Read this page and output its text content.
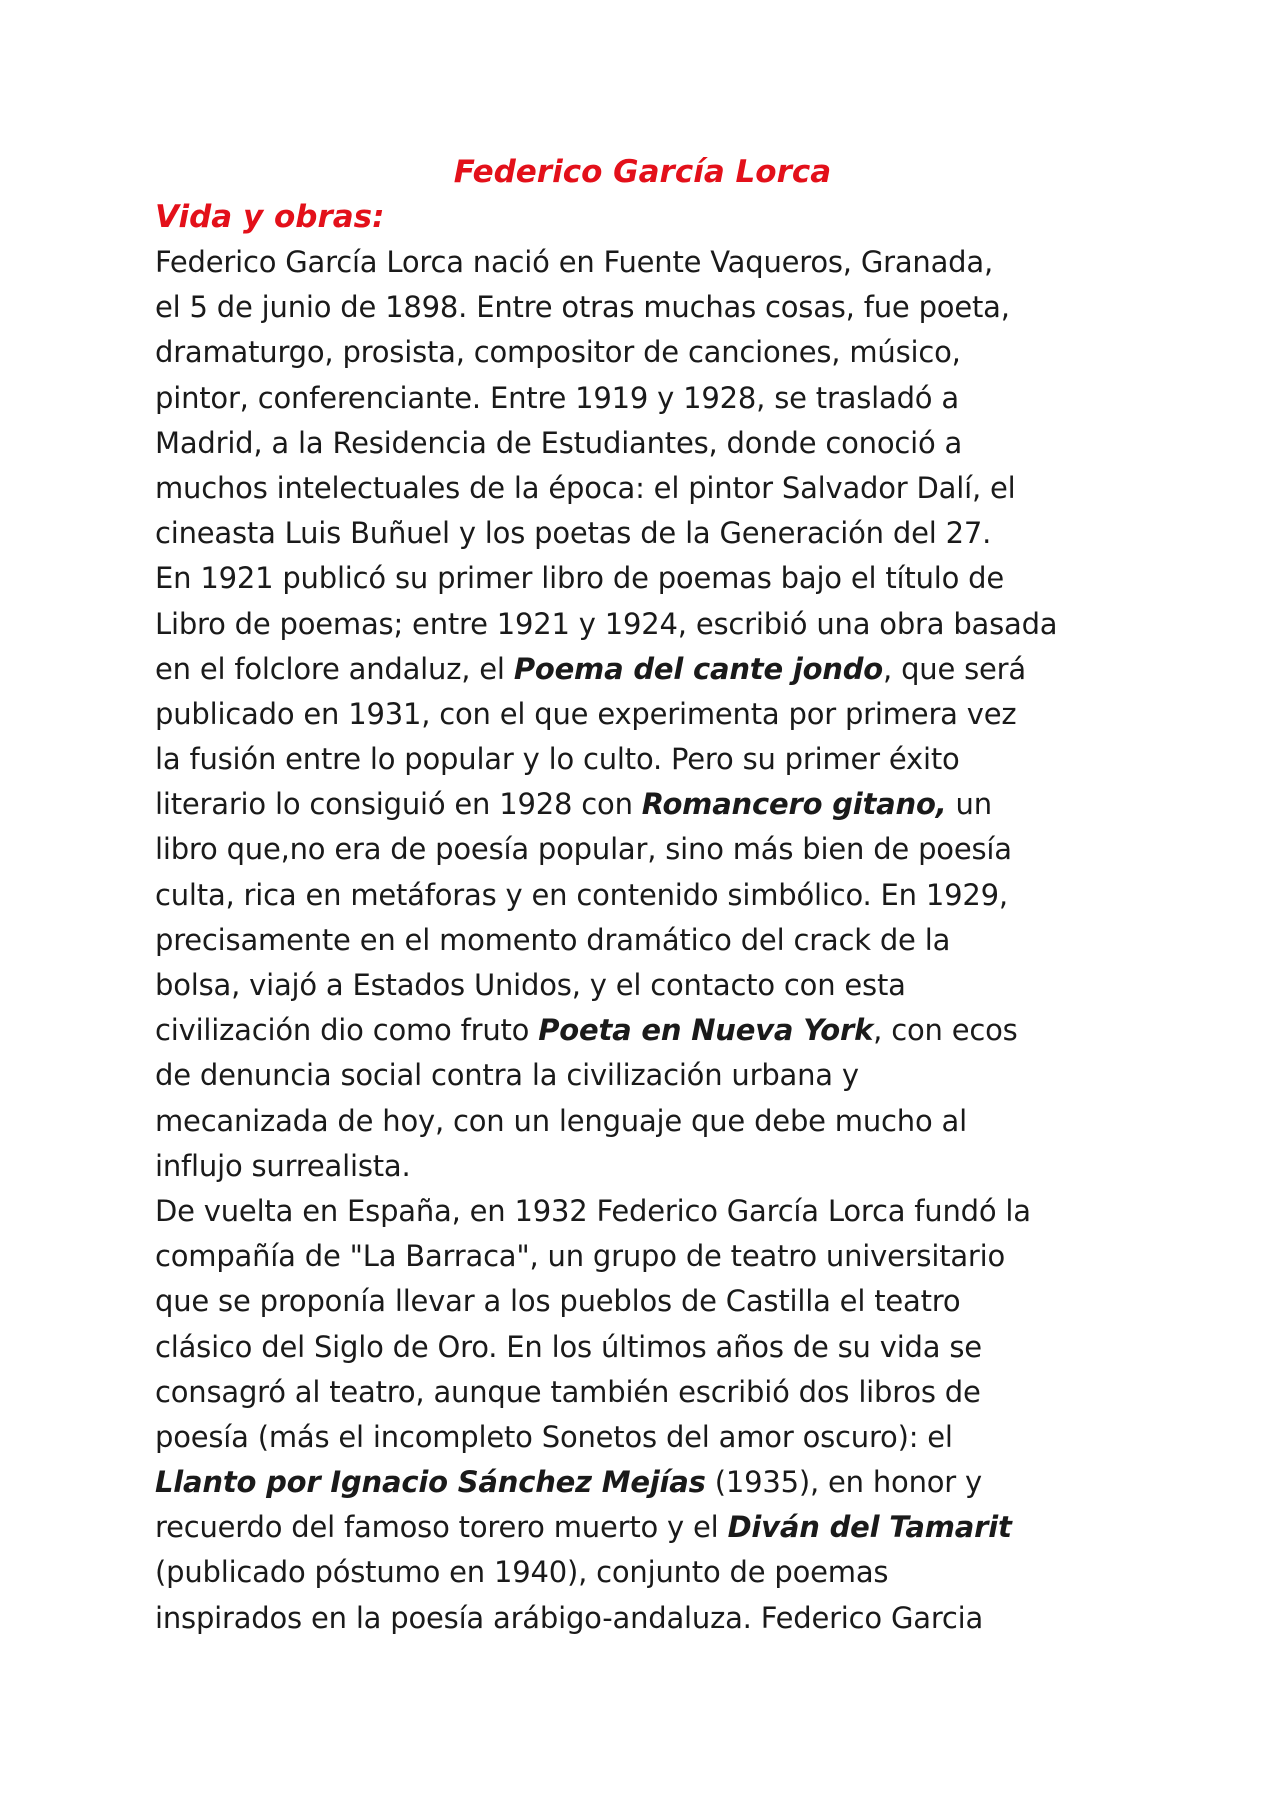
Federico García Lorca
Vida y obras:
Federico García Lorca nació en Fuente Vaqueros, Granada,
el 5 de junio de 1898. Entre otras muchas cosas, fue poeta,
dramaturgo, prosista, compositor de canciones, músico,
pintor, conferenciante. Entre 1919 y 1928, se trasladó a
Madrid, a la Residencia de Estudiantes, donde conoció a
muchos intelectuales de la época: el pintor Salvador Dalí, el
cineasta Luis Buñuel y los poetas de la Generación del 27.
En 1921 publicó su primer libro de poemas bajo el título de
Libro de poemas; entre 1921 y 1924, escribió una obra basada
en el folclore andaluz, el Poema del cante jondo, que será
publicado en 1931, con el que experimenta por primera vez
la fusión entre lo popular y lo culto. Pero su primer éxito
literario lo consiguió en 1928 con Romancero gitano, un
libro que,no era de poesía popular, sino más bien de poesía
culta, rica en metáforas y en contenido simbólico. En 1929,
precisamente en el momento dramático del crack de la
bolsa, viajó a Estados Unidos, y el contacto con esta
civilización dio como fruto Poeta en Nueva York, con ecos
de denuncia social contra la civilización urbana y
mecanizada de hoy, con un lenguaje que debe mucho al
influjo surrealista.
De vuelta en España, en 1932 Federico García Lorca fundó la
compañía de "La Barraca", un grupo de teatro universitario
que se proponía llevar a los pueblos de Castilla el teatro
clásico del Siglo de Oro. En los últimos años de su vida se
consagró al teatro, aunque también escribió dos libros de
poesía (más el incompleto Sonetos del amor oscuro): el
Llanto por Ignacio Sánchez Mejías (1935), en honor y
recuerdo del famoso torero muerto y el Diván del Tamarit
(publicado póstumo en 1940), conjunto de poemas
inspirados en la poesía arábigo-andaluza. Federico Garcia
